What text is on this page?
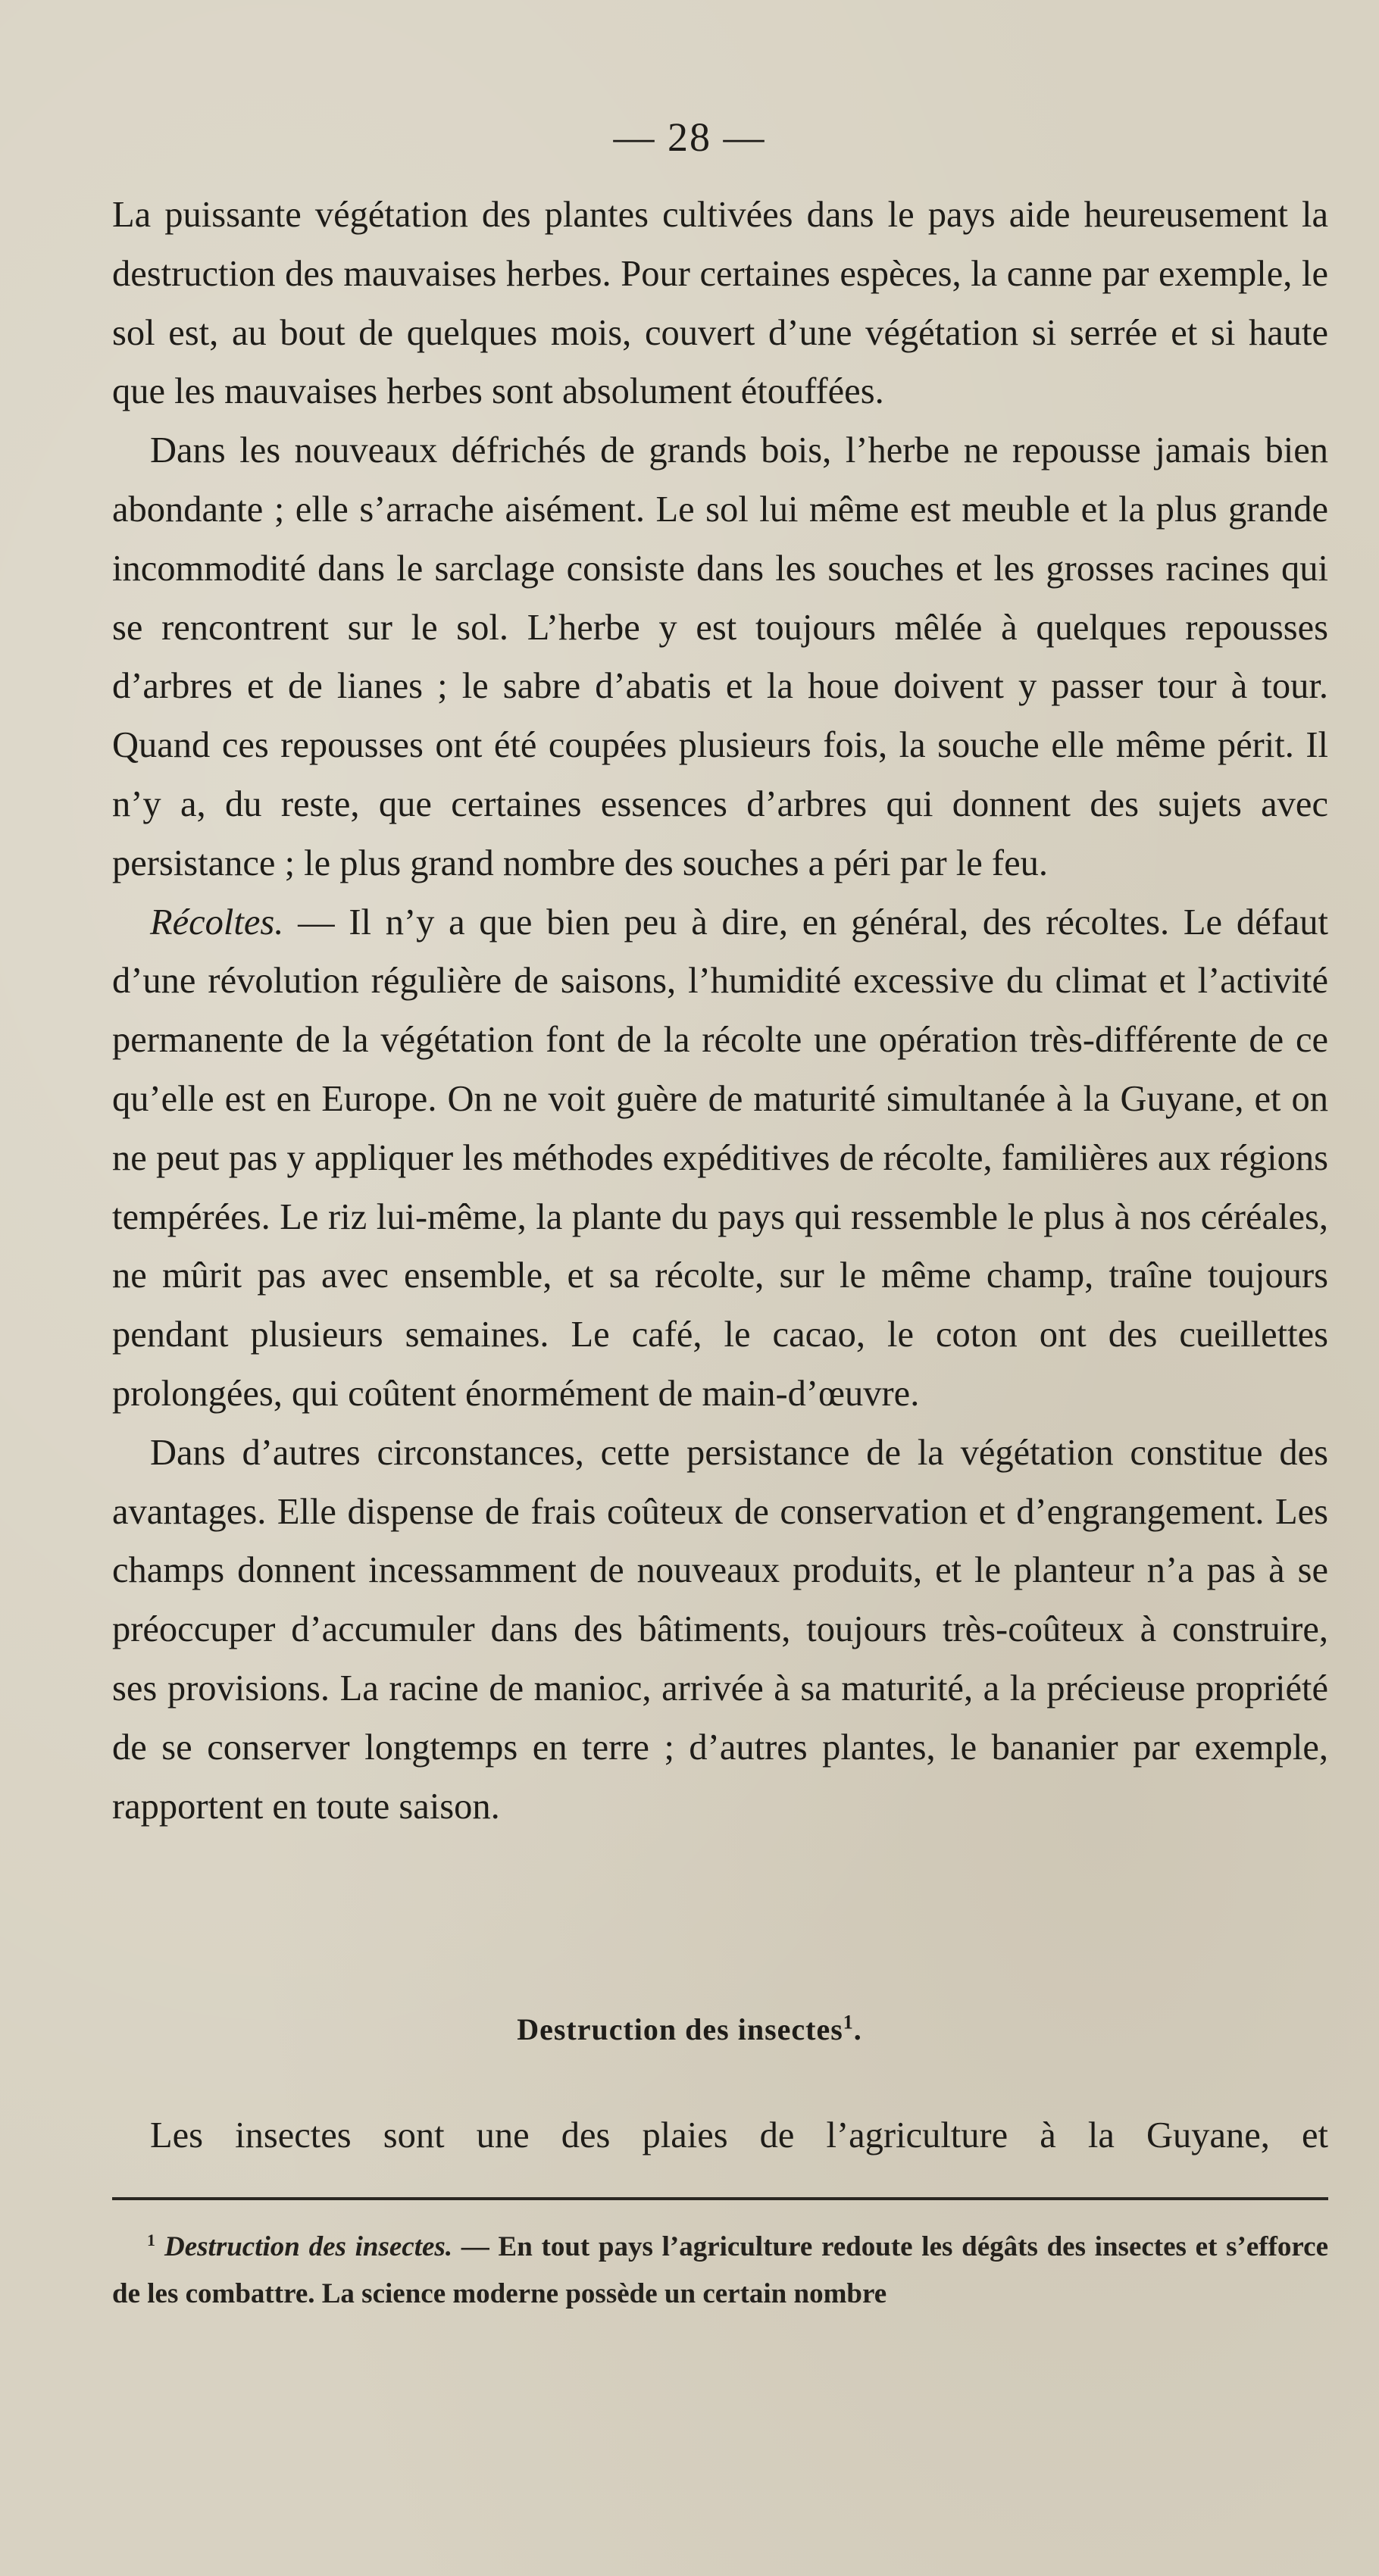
— 28 —

La puissante végétation des plantes cultivées dans le pays aide heureusement la destruction des mauvaises herbes. Pour certaines espèces, la canne par exemple, le sol est, au bout de quelques mois, couvert d’une végétation si serrée et si haute que les mauvaises herbes sont absolument étouffées.

Dans les nouveaux défrichés de grands bois, l’herbe ne repousse jamais bien abondante ; elle s’arrache aisément. Le sol lui même est meuble et la plus grande incommodité dans le sarclage consiste dans les souches et les grosses racines qui se rencontrent sur le sol. L’herbe y est toujours mêlée à quelques repousses d’arbres et de lianes ; le sabre d’abatis et la houe doivent y passer tour à tour. Quand ces repousses ont été coupées plusieurs fois, la souche elle même périt. Il n’y a, du reste, que certaines essences d’arbres qui donnent des sujets avec persistance ; le plus grand nombre des souches a péri par le feu.

Récoltes. — Il n’y a que bien peu à dire, en général, des récoltes. Le défaut d’une révolution régulière de saisons, l’humidité excessive du climat et l’activité permanente de la végétation font de la récolte une opération très-différente de ce qu’elle est en Europe. On ne voit guère de maturité simultanée à la Guyane, et on ne peut pas y appliquer les méthodes expéditives de récolte, familières aux régions tempérées. Le riz lui-même, la plante du pays qui ressemble le plus à nos céréales, ne mûrit pas avec ensemble, et sa récolte, sur le même champ, traîne toujours pendant plusieurs semaines. Le café, le cacao, le coton ont des cueillettes prolongées, qui coûtent énormément de main-d’œuvre.

Dans d’autres circonstances, cette persistance de la végétation constitue des avantages. Elle dispense de frais coûteux de conservation et d’engrangement. Les champs donnent incessamment de nouveaux produits, et le planteur n’a pas à se préoccuper d’accumuler dans des bâtiments, toujours très-coûteux à construire, ses provisions. La racine de manioc, arrivée à sa maturité, a la précieuse propriété de se conserver longtemps en terre ; d’autres plantes, le bananier par exemple, rapportent en toute saison.

Destruction des insectes$^1$.
Les insectes sont une des plaies de l’agriculture à la Guyane, et
$^1$ Destruction des insectes. — En tout pays l’agriculture redoute les dégâts des insectes et s’efforce de les combattre. La science moderne possède un certain nombre
